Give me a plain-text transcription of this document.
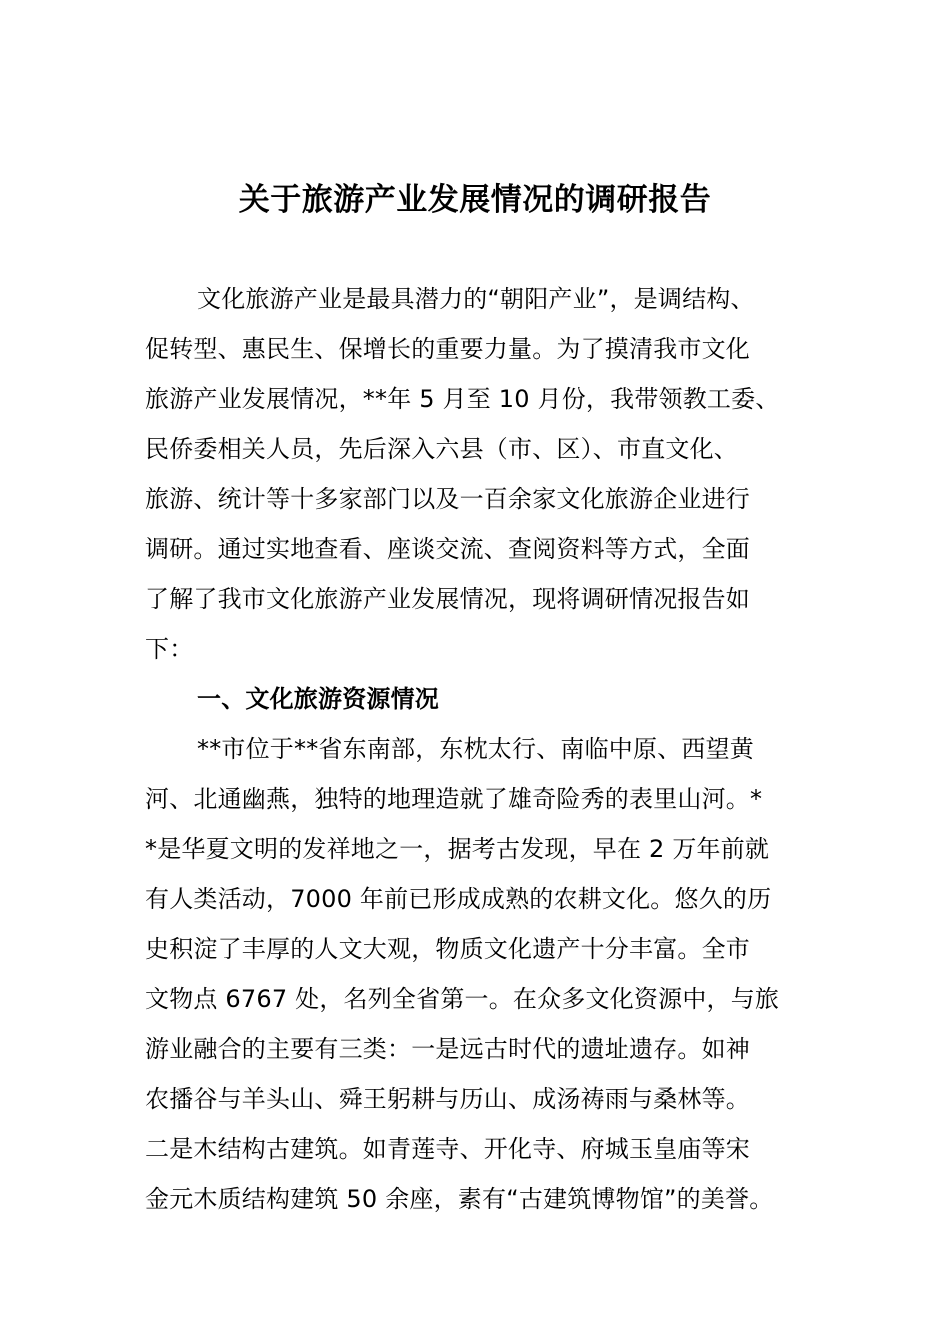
关于旅游产业发展情况的调研报告
文化旅游产业是最具潜力的“朝阳产业”，是调结构、
促转型、惠民生、保增长的重要力量。为了摸清我市文化
旅游产业发展情况，**年 5 月至 10 月份，我带领教工委、
民侨委相关人员，先后深入六县（市、区）、市直文化、
旅游、统计等十多家部门以及一百余家文化旅游企业进行
调研。通过实地查看、座谈交流、查阅资料等方式，全面
了解了我市文化旅游产业发展情况，现将调研情况报告如
下：
一、文化旅游资源情况
**市位于**省东南部，东枕太行、南临中原、西望黄
河、北通幽燕，独特的地理造就了雄奇险秀的表里山河。*
*是华夏文明的发祥地之一，据考古发现，早在 2 万年前就
有人类活动，7000 年前已形成成熟的农耕文化。悠久的历
史积淀了丰厚的人文大观，物质文化遗产十分丰富。全市
文物点 6767 处，名列全省第一。在众多文化资源中，与旅
游业融合的主要有三类：一是远古时代的遗址遗存。如神
农播谷与羊头山、舜王躬耕与历山、成汤祷雨与桑林等。
二是木结构古建筑。如青莲寺、开化寺、府城玉皇庙等宋
金元木质结构建筑 50 余座，素有“古建筑博物馆”的美誉。
